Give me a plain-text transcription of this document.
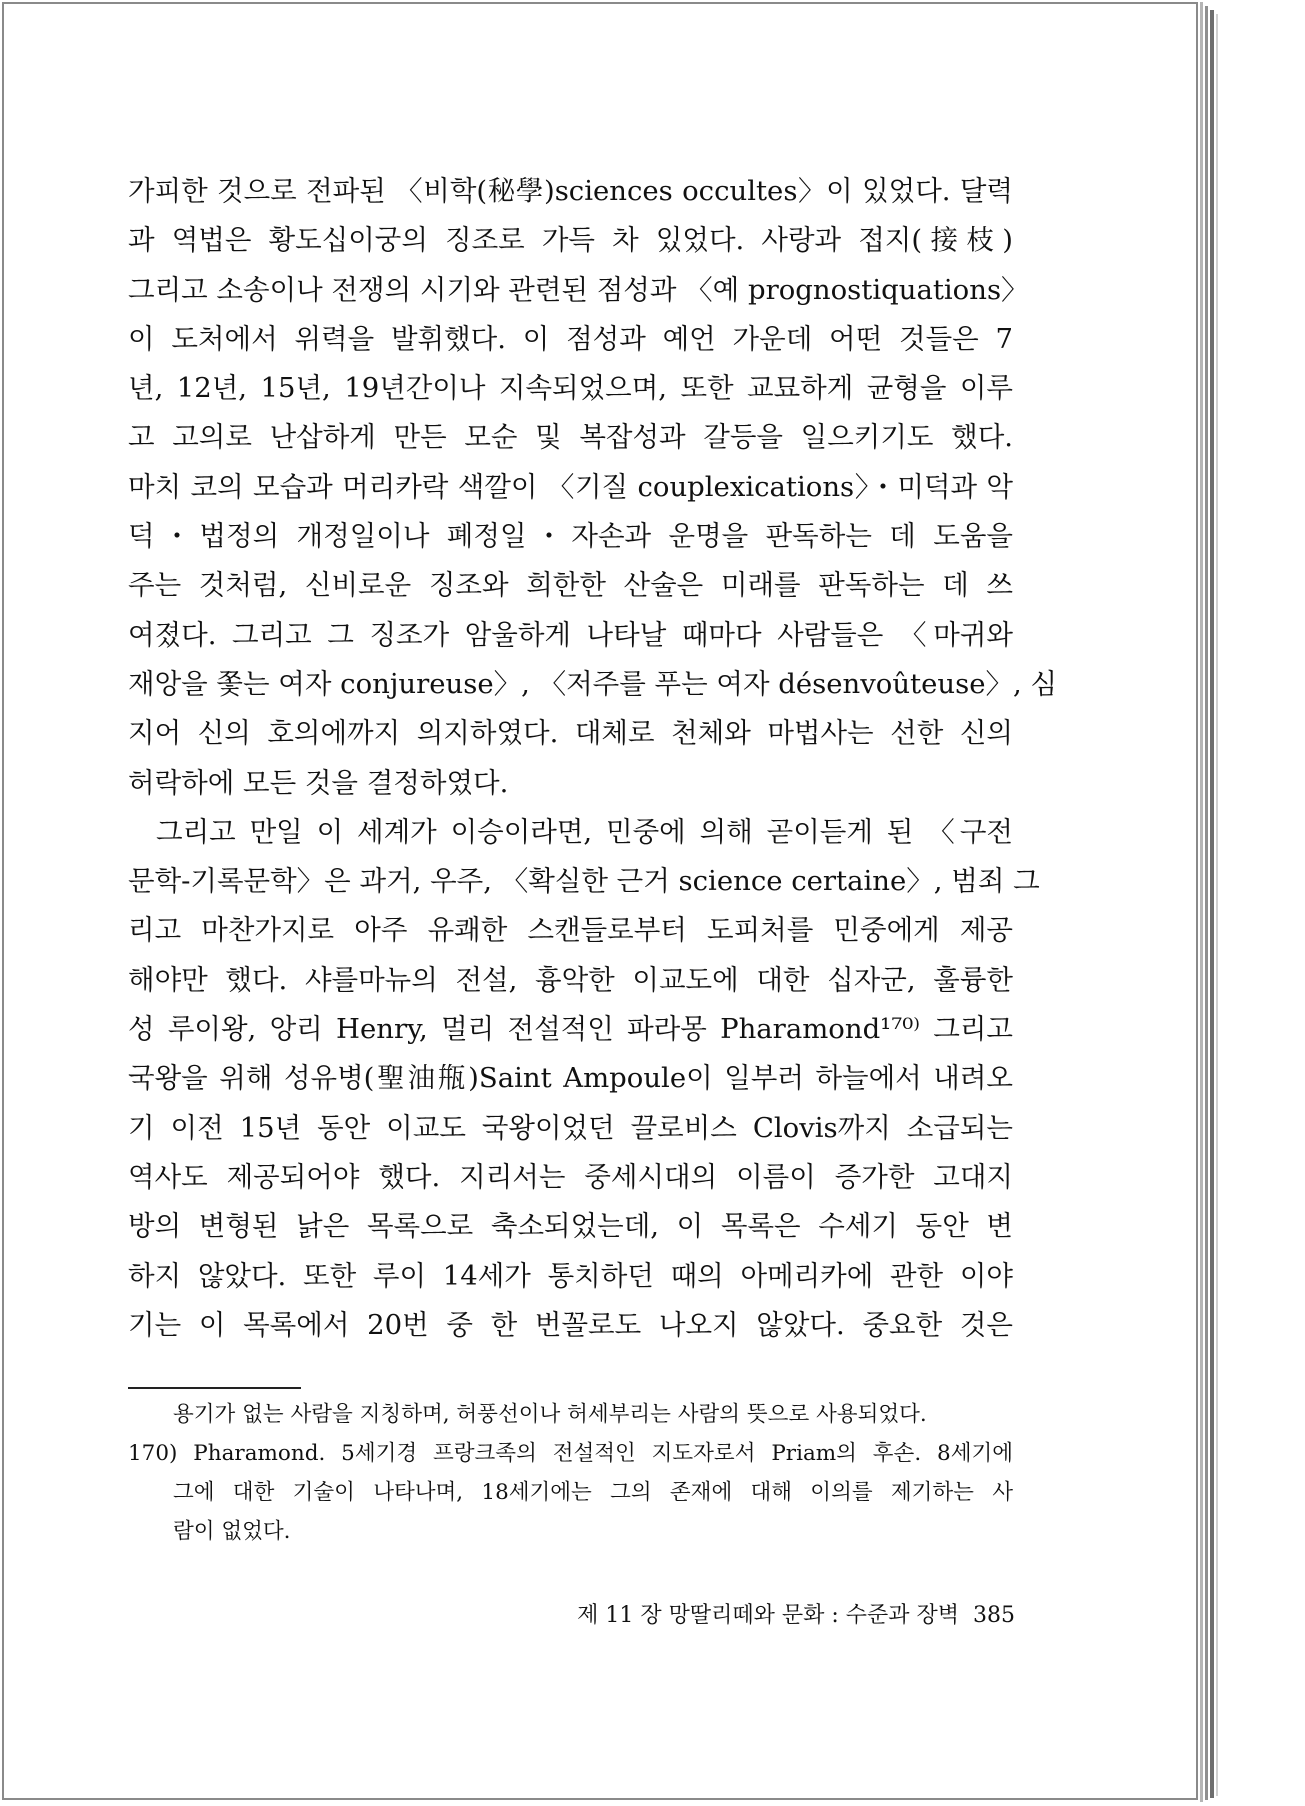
가피한 것으로 전파된 〈비학(秘學)sciences occultes〉이 있었다. 달력
과 역법은 황도십이궁의 징조로 가득 차 있었다. 사랑과 접지(接枝)
그리고 소송이나 전쟁의 시기와 관련된 점성과 〈예 prognostiquations〉
이 도처에서 위력을 발휘했다. 이 점성과 예언 가운데 어떤 것들은 7
년, 12년, 15년, 19년간이나 지속되었으며, 또한 교묘하게 균형을 이루
고 고의로 난삽하게 만든 모순 및 복잡성과 갈등을 일으키기도 했다.
마치 코의 모습과 머리카락 색깔이 〈기질 couplexications〉・미덕과 악
덕・법정의 개정일이나 폐정일・자손과 운명을 판독하는 데 도움을
주는 것처럼, 신비로운 징조와 희한한 산술은 미래를 판독하는 데 쓰
여졌다. 그리고 그 징조가 암울하게 나타날 때마다 사람들은 〈마귀와
재앙을 쫓는 여자 conjureuse〉, 〈저주를 푸는 여자 désenvoûteuse〉, 심
지어 신의 호의에까지 의지하였다. 대체로 천체와 마법사는 선한 신의
허락하에 모든 것을 결정하였다.
그리고 만일 이 세계가 이승이라면, 민중에 의해 곧이듣게 된 〈구전
문학-기록문학〉은 과거, 우주, 〈확실한 근거 science certaine〉, 범죄 그
리고 마찬가지로 아주 유쾌한 스캔들로부터 도피처를 민중에게 제공
해야만 했다. 샤를마뉴의 전설, 흉악한 이교도에 대한 십자군, 훌륭한
성 루이왕, 앙리 Henry, 멀리 전설적인 파라몽 Pharamond¹⁷⁰⁾ 그리고
국왕을 위해 성유병(聖油甁)Saint Ampoule이 일부러 하늘에서 내려오
기 이전 15년 동안 이교도 국왕이었던 끌로비스 Clovis까지 소급되는
역사도 제공되어야 했다. 지리서는 중세시대의 이름이 증가한 고대지
방의 변형된 낡은 목록으로 축소되었는데, 이 목록은 수세기 동안 변
하지 않았다. 또한 루이 14세가 통치하던 때의 아메리카에 관한 이야
기는 이 목록에서 20번 중 한 번꼴로도 나오지 않았다. 중요한 것은
용기가 없는 사람을 지칭하며, 허풍선이나 허세부리는 사람의 뜻으로 사용되었다.
170) Pharamond. 5세기경 프랑크족의 전설적인 지도자로서 Priam의 후손. 8세기에
그에 대한 기술이 나타나며, 18세기에는 그의 존재에 대해 이의를 제기하는 사
람이 없었다.
제 11 장 망딸리떼와 문화 : 수준과 장벽 385
